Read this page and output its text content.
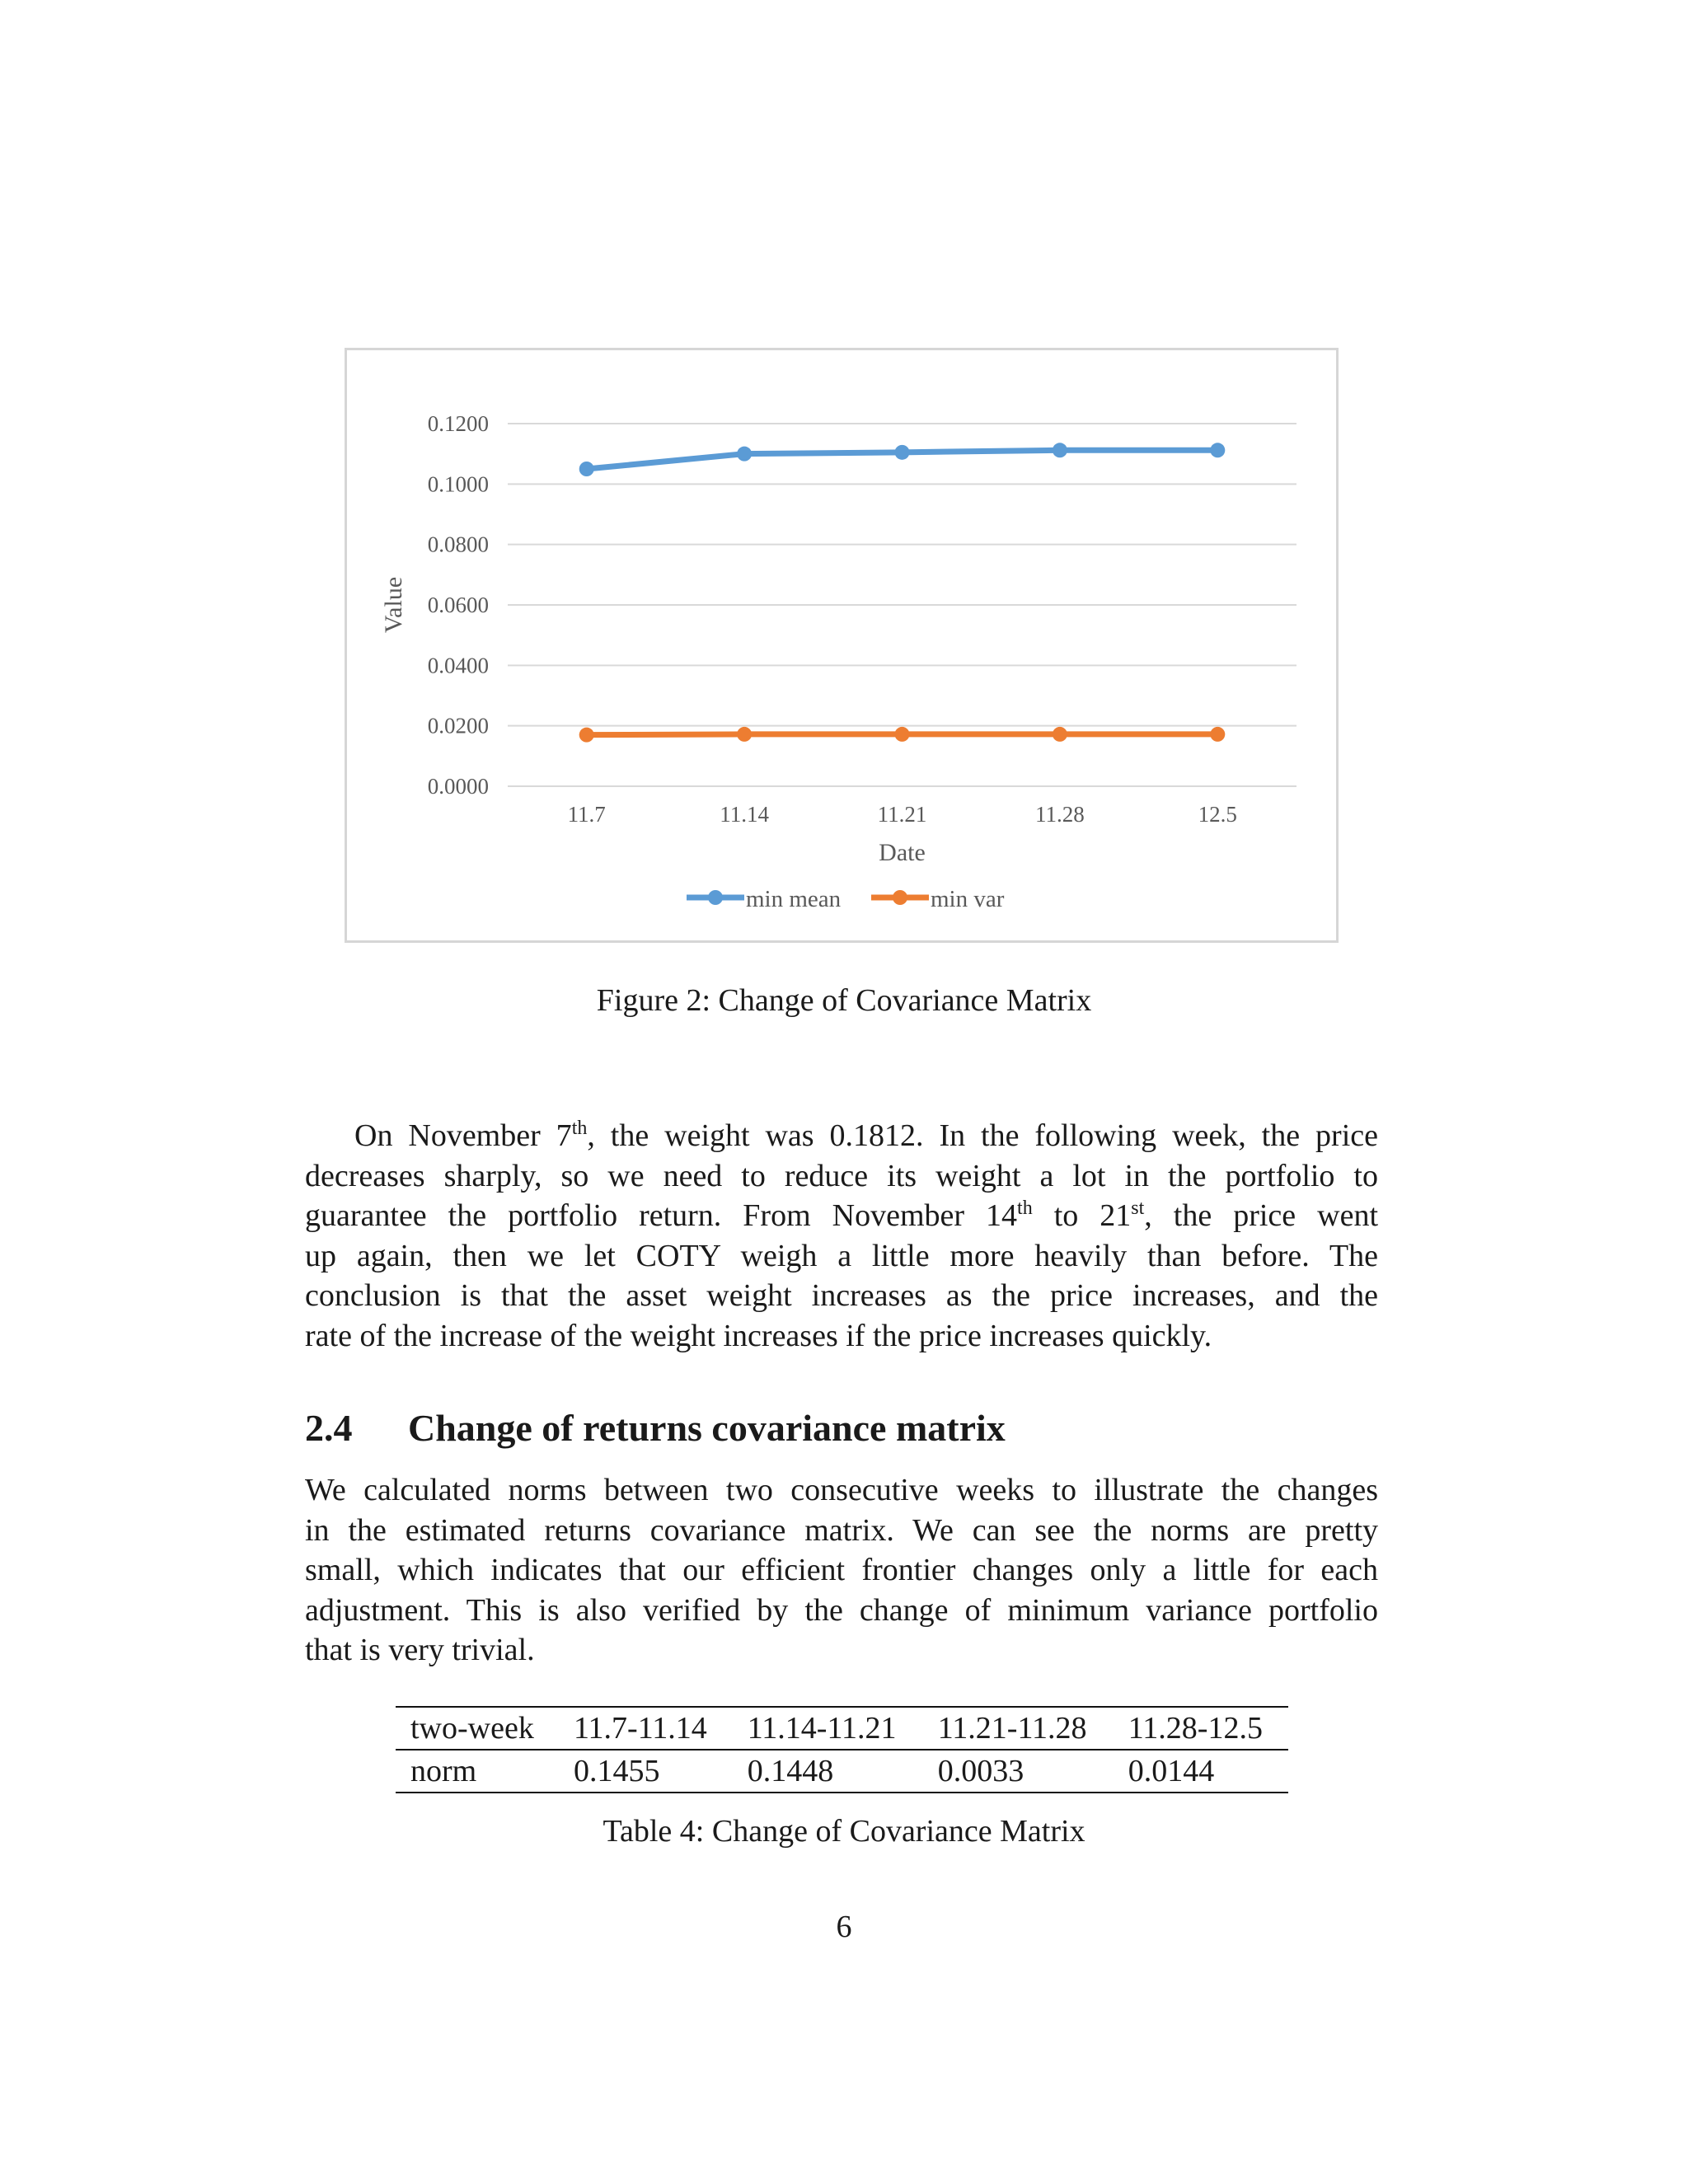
0.0000
0.0200
0.0400
0.0600
0.0800
0.1000
0.1200
11.7	11.14	11.21	11.28	12.5
Date
Value
min mean	min var
Figure 2: Change of Covariance Matrix
On November 7th, the weight was 0.1812. In the following week, the price
decreases sharply, so we need to reduce its weight a lot in the portfolio to
guarantee the portfolio return. From November 14th to 21st, the price went
up again, then we let COTY weigh a little more heavily than before. The
conclusion is that the asset weight increases as the price increases, and the
rate of the increase of the weight increases if the price increases quickly.
2.4 Change of returns covariance matrix
We calculated norms between two consecutive weeks to illustrate the changes
in the estimated returns covariance matrix. We can see the norms are pretty
small, which indicates that our efficient frontier changes only a little for each
adjustment. This is also verified by the change of minimum variance portfolio
that is very trivial.
two-week	11.7-11.14	11.14-11.21	11.21-11.28	11.28-12.5
norm	0.1455	0.1448	0.0033	0.0144
Table 4: Change of Covariance Matrix
6
